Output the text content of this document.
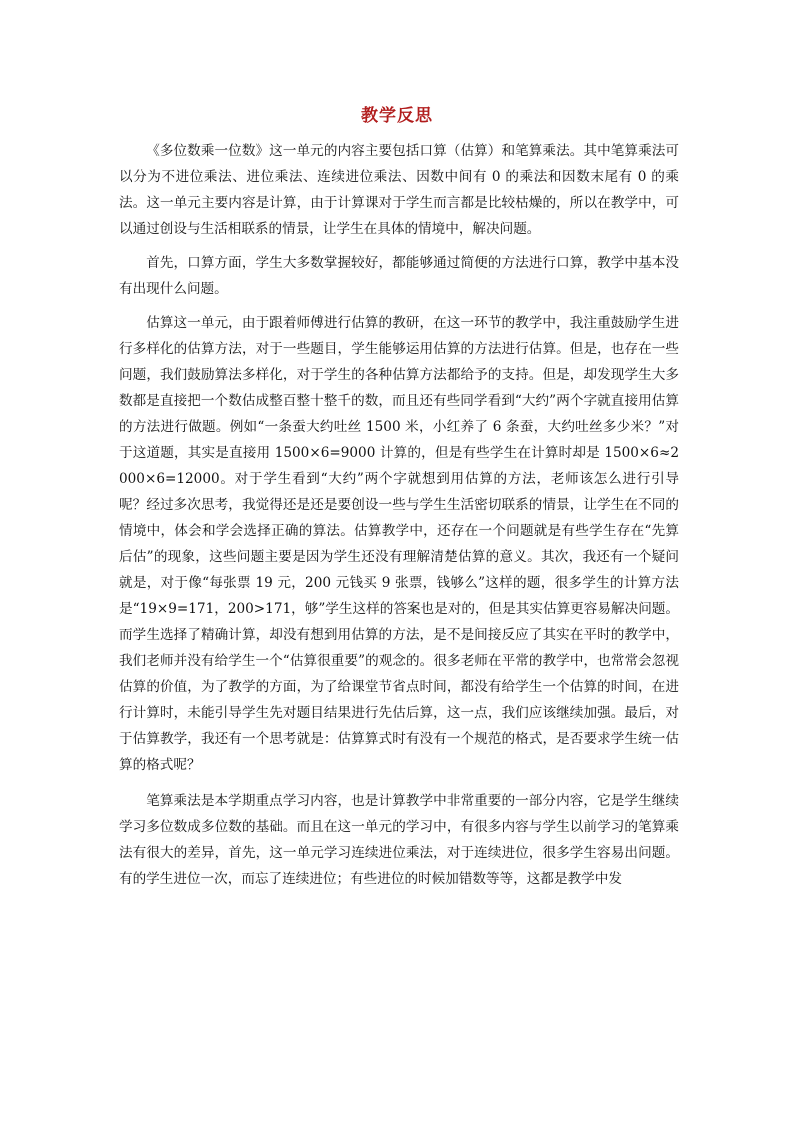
教学反思

《多位数乘一位数》这一单元的内容主要包括口算（估算）和笔算乘法。其中笔算乘法可以分为不进位乘法、进位乘法、连续进位乘法、因数中间有 0 的乘法和因数末尾有 0 的乘法。这一单元主要内容是计算，由于计算课对于学生而言都是比较枯燥的，所以在教学中，可以通过创设与生活相联系的情景，让学生在具体的情境中，解决问题。

首先，口算方面，学生大多数掌握较好，都能够通过简便的方法进行口算，教学中基本没有出现什么问题。

估算这一单元，由于跟着师傅进行估算的教研，在这一环节的教学中，我注重鼓励学生进行多样化的估算方法，对于一些题目，学生能够运用估算的方法进行估算。但是，也存在一些问题，我们鼓励算法多样化，对于学生的各种估算方法都给予的支持。但是，却发现学生大多数都是直接把一个数估成整百整十整千的数，而且还有些同学看到“大约”两个字就直接用估算的方法进行做题。例如“一条蚕大约吐丝 1500 米，小红养了 6 条蚕，大约吐丝多少米？”对于这道题，其实是直接用 1500×6=9000 计算的，但是有些学生在计算时却是 1500×6≈2000×6=12000。对于学生看到“大约”两个字就想到用估算的方法，老师该怎么进行引导呢？经过多次思考，我觉得还是还是要创设一些与学生生活密切联系的情景，让学生在不同的情境中，体会和学会选择正确的算法。估算教学中，还存在一个问题就是有些学生存在“先算后估”的现象，这些问题主要是因为学生还没有理解清楚估算的意义。其次，我还有一个疑问就是，对于像“每张票 19 元，200 元钱买 9 张票，钱够么”这样的题，很多学生的计算方法是“19×9=171，200>171，够”学生这样的答案也是对的，但是其实估算更容易解决问题。而学生选择了精确计算，却没有想到用估算的方法，是不是间接反应了其实在平时的教学中，我们老师并没有给学生一个“估算很重要”的观念的。很多老师在平常的教学中，也常常会忽视估算的价值，为了教学的方面，为了给课堂节省点时间，都没有给学生一个估算的时间，在进行计算时，未能引导学生先对题目结果进行先估后算，这一点，我们应该继续加强。最后，对于估算教学，我还有一个思考就是：估算算式时有没有一个规范的格式，是否要求学生统一估算的格式呢？

笔算乘法是本学期重点学习内容，也是计算教学中非常重要的一部分内容，它是学生继续学习多位数成多位数的基础。而且在这一单元的学习中，有很多内容与学生以前学习的笔算乘法有很大的差异，首先，这一单元学习连续进位乘法，对于连续进位，很多学生容易出问题。有的学生进位一次，而忘了连续进位；有些进位的时候加错数等等，这都是教学中发
